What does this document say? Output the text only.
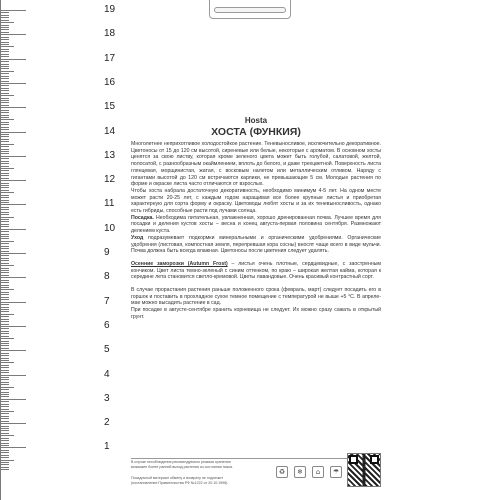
Hosta
ХОСТА (ФУНКИЯ)

Многолетнее неприхотливое холодостойкое растение. Теневыносливое, исключительно декоративное. Цветоносы от 15 до 120 см высотой, сиреневые или белые, некоторые с ароматом. В основном хосты ценятся за свою листву, которая кроме зеленого цвета может быть голубой, салатовой, желтой, полосатой, с разнообразным окаймлением, вплоть до белого, и даже трехцветной. Поверхность листа глянцевая, морщинистая, жатая, с восковым налетом или металлическим отливом. Наряду с гигантами высотой до 120 см встречаются карлики, не превышающие 5 см. Молодые растения по форме и окраске листа часто отличаются от взрослых.

Чтобы хоста набрала достаточную декоративность, необходимо минимум 4-5 лет. На одном месте может расти 20-25 лет, с каждым годом наращивая все более крупные листья и приобретая характерную для сорта форму и окраску. Цветоводы любят хосты и за их теневыносливость, однако есть гибриды, способные расти под лучами солнца.

Посадка. Необходима питательная, увлажненная, хорошо дренированная почва. Лучшее время для посадки и деления кустов хосты – весна и конец августа-первая половина сентября. Размножают делением куста.

Уход подразумевает подкормки минеральными и органическими удобрениями. Органические удобрения (листовая, компостная земля, перепревшая кора сосны) вносят чаще всего в виде мульчи. Почва должна быть всегда влажная. Цветоносы после цветения следует удалять.

Осенние заморозки (Autumn Frost) – листья очень плотные, сердцевидные, с заостренным кончиком. Цвет листа темно-зеленый с синим оттенком, по краю – широкая желтая кайма, которая к середине лета становится светло-кремовой. Цветы лавандовые. Очень красивый контрастный сорт.

В случае прорастания растения раньше положенного срока (февраль, март) следует посадить его в горшок и поставить в прохладное сухое темное помещение с температурой не выше +5 °С. В апреле-мае можно высадить растение в сад.

При посадке в августе-сентябре хранить корневища не следует. Их можно сразу сажать в открытый грунт.

В случае несоблюдения рекомендуемого режима хранения возможен более ранний выход растения из состояния покоя.
Посадочный материал обмену и возврату не подлежит (постановление Правительства РФ №1222 от 20.10.1998).
♻	❄	⌂	☂
19
18
17
16
15
14
13
12
11
10
9
8
7
6
5
4
3
2
1
